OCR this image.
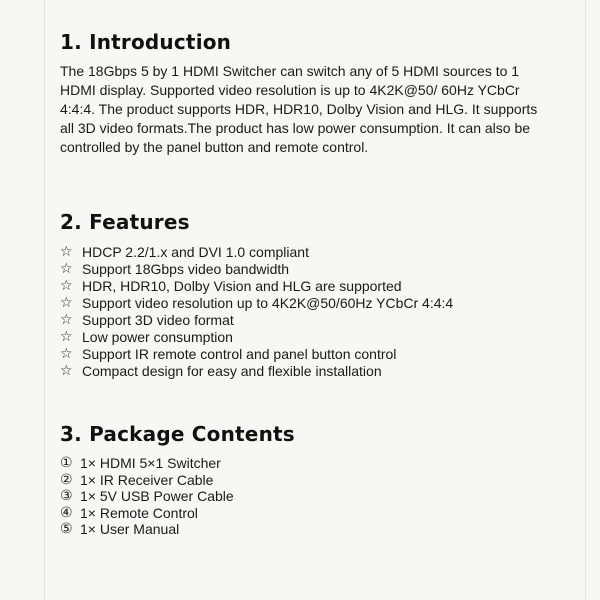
1. Introduction

The 18Gbps 5 by 1 HDMI Switcher can switch any of 5 HDMI sources to 1 HDMI display. Supported video resolution is up to 4K2K@50/ 60Hz YCbCr 4:4:4. The product supports HDR, HDR10, Dolby Vision and HLG. It supports all 3D video formats.The product has low power consumption. It can also be controlled by the panel button and remote control.

2. Features
☆ HDCP 2.2/1.x and DVI 1.0 compliant
☆ Support 18Gbps video bandwidth
☆ HDR, HDR10, Dolby Vision and HLG are supported
☆ Support video resolution up to 4K2K@50/60Hz YCbCr 4:4:4
☆ Support 3D video format
☆ Low power consumption
☆ Support IR remote control and panel button control
☆ Compact design for easy and flexible installation
3. Package Contents
① 1× HDMI 5×1 Switcher
② 1× IR Receiver Cable
③ 1× 5V USB Power Cable
④ 1× Remote Control
⑤ 1× User Manual
